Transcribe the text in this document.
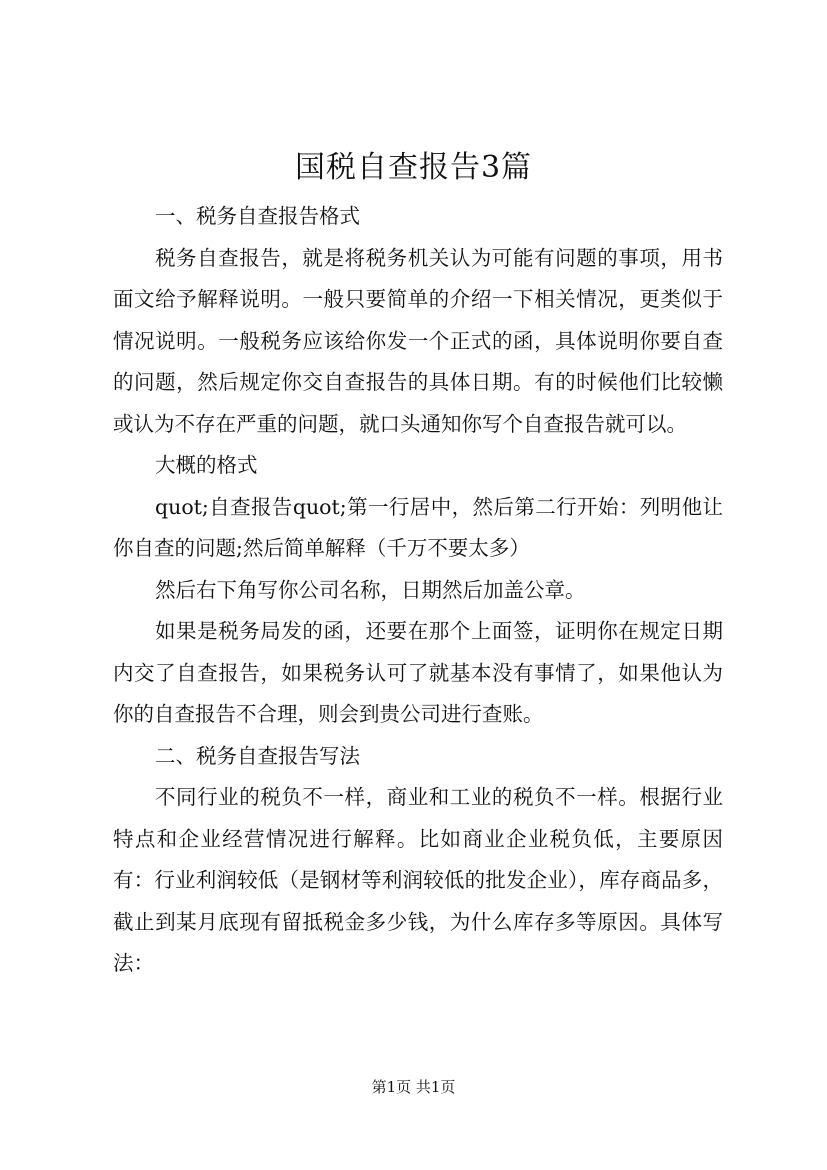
国税自查报告3篇

一、税务自查报告格式

税务自查报告，就是将税务机关认为可能有问题的事项，用书面文给予解释说明。一般只要简单的介绍一下相关情况，更类似于情况说明。一般税务应该给你发一个正式的函，具体说明你要自查的问题，然后规定你交自查报告的具体日期。有的时候他们比较懒或认为不存在严重的问题，就口头通知你写个自查报告就可以。

大概的格式

quot;自查报告quot;第一行居中，然后第二行开始：列明他让你自查的问题;然后简单解释（千万不要太多）

然后右下角写你公司名称，日期然后加盖公章。

如果是税务局发的函，还要在那个上面签，证明你在规定日期内交了自查报告，如果税务认可了就基本没有事情了，如果他认为你的自查报告不合理，则会到贵公司进行查账。

二、税务自查报告写法

不同行业的税负不一样，商业和工业的税负不一样。根据行业特点和企业经营情况进行解释。比如商业企业税负低，主要原因有：行业利润较低（是钢材等利润较低的批发企业），库存商品多，截止到某月底现有留抵税金多少钱，为什么库存多等原因。具体写法：

第1页 共1页
